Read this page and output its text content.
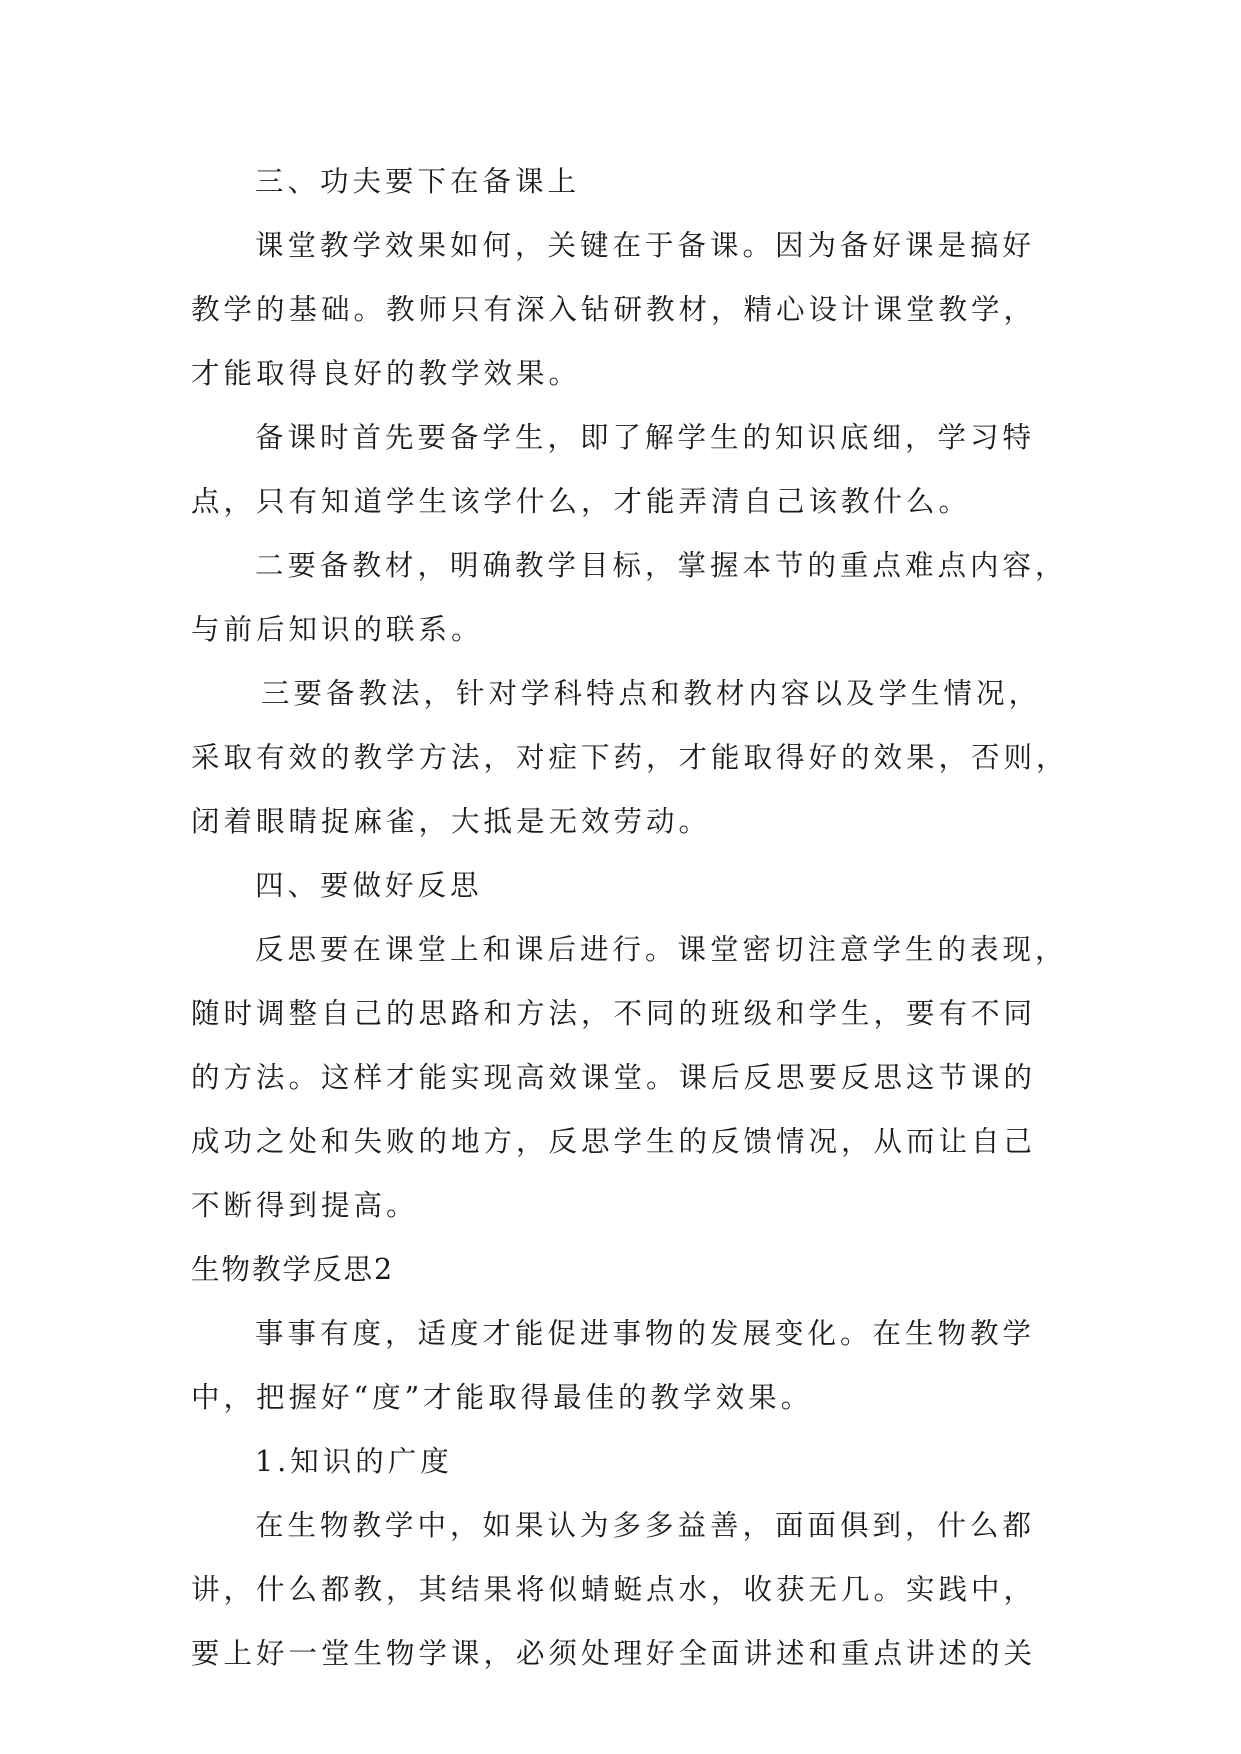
三、功夫要下在备课上
课堂教学效果如何，关键在于备课。因为备好课是搞好
教学的基础。教师只有深入钻研教材，精心设计课堂教学，
才能取得良好的教学效果。
备课时首先要备学生，即了解学生的知识底细，学习特
点，只有知道学生该学什么，才能弄清自己该教什么。
二要备教材，明确教学目标，掌握本节的重点难点内容，
与前后知识的联系。
三要备教法，针对学科特点和教材内容以及学生情况，
采取有效的教学方法，对症下药，才能取得好的效果，否则，
闭着眼睛捉麻雀，大抵是无效劳动。
四、要做好反思
反思要在课堂上和课后进行。课堂密切注意学生的表现，
随时调整自己的思路和方法，不同的班级和学生，要有不同
的方法。这样才能实现高效课堂。课后反思要反思这节课的
成功之处和失败的地方，反思学生的反馈情况，从而让自己
不断得到提高。
生物教学反思2
事事有度，适度才能促进事物的发展变化。在生物教学
中，把握好“度”才能取得最佳的教学效果。
1.知识的广度
在生物教学中，如果认为多多益善，面面俱到，什么都
讲，什么都教，其结果将似蜻蜓点水，收获无几。实践中，
要上好一堂生物学课，必须处理好全面讲述和重点讲述的关
